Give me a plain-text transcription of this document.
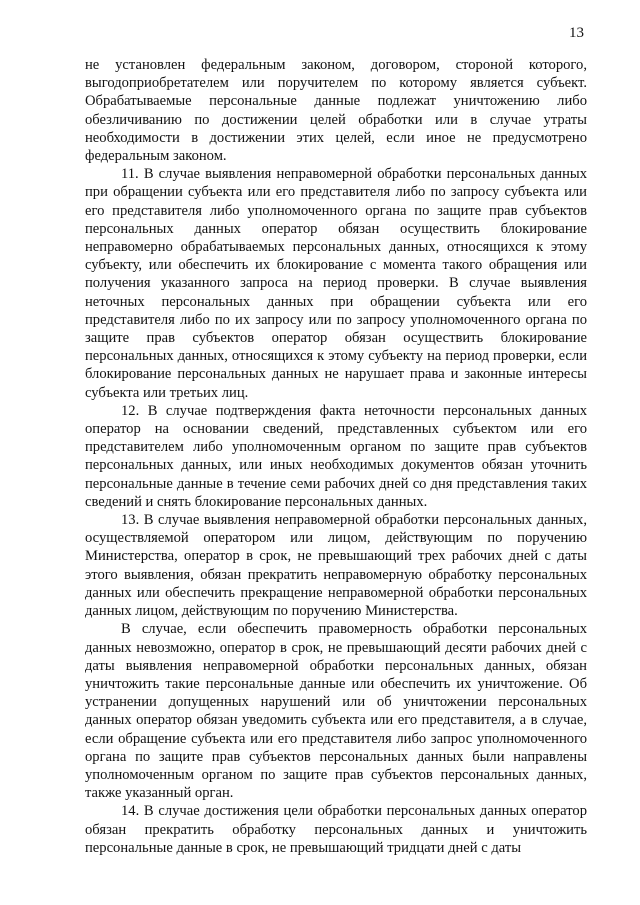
13

не установлен федеральным законом, договором, стороной которого, выгодоприобретателем или поручителем по которому является субъект. Обрабатываемые персональные данные подлежат уничтожению либо обезличиванию по достижении целей обработки или в случае утраты необходимости в достижении этих целей, если иное не предусмотрено федеральным законом.

11. В случае выявления неправомерной обработки персональных данных при обращении субъекта или его представителя либо по запросу субъекта или его представителя либо уполномоченного органа по защите прав субъектов персональных данных оператор обязан осуществить блокирование неправомерно обрабатываемых персональных данных, относящихся к этому субъекту, или обеспечить их блокирование с момента такого обращения или получения указанного запроса на период проверки. В случае выявления неточных персональных данных при обращении субъекта или его представителя либо по их запросу или по запросу уполномоченного органа по защите прав субъектов оператор обязан осуществить блокирование персональных данных, относящихся к этому субъекту на период проверки, если блокирование персональных данных не нарушает права и законные интересы субъекта или третьих лиц.

12. В случае подтверждения факта неточности персональных данных оператор на основании сведений, представленных субъектом или его представителем либо уполномоченным органом по защите прав субъектов персональных данных, или иных необходимых документов обязан уточнить персональные данные в течение семи рабочих дней со дня представления таких сведений и снять блокирование персональных данных.

13. В случае выявления неправомерной обработки персональных данных, осуществляемой оператором или лицом, действующим по поручению Министерства, оператор в срок, не превышающий трех рабочих дней с даты этого выявления, обязан прекратить неправомерную обработку персональных данных или обеспечить прекращение неправомерной обработки персональных данных лицом, действующим по поручению Министерства.

В случае, если обеспечить правомерность обработки персональных данных невозможно, оператор в срок, не превышающий десяти рабочих дней с даты выявления неправомерной обработки персональных данных, обязан уничтожить такие персональные данные или обеспечить их уничтожение. Об устранении допущенных нарушений или об уничтожении персональных данных оператор обязан уведомить субъекта или его представителя, а в случае, если обращение субъекта или его представителя либо запрос уполномоченного органа по защите прав субъектов персональных данных были направлены уполномоченным органом по защите прав субъектов персональных данных, также указанный орган.

14. В случае достижения цели обработки персональных данных оператор обязан прекратить обработку персональных данных и уничтожить персональные данные в срок, не превышающий тридцати дней с даты
